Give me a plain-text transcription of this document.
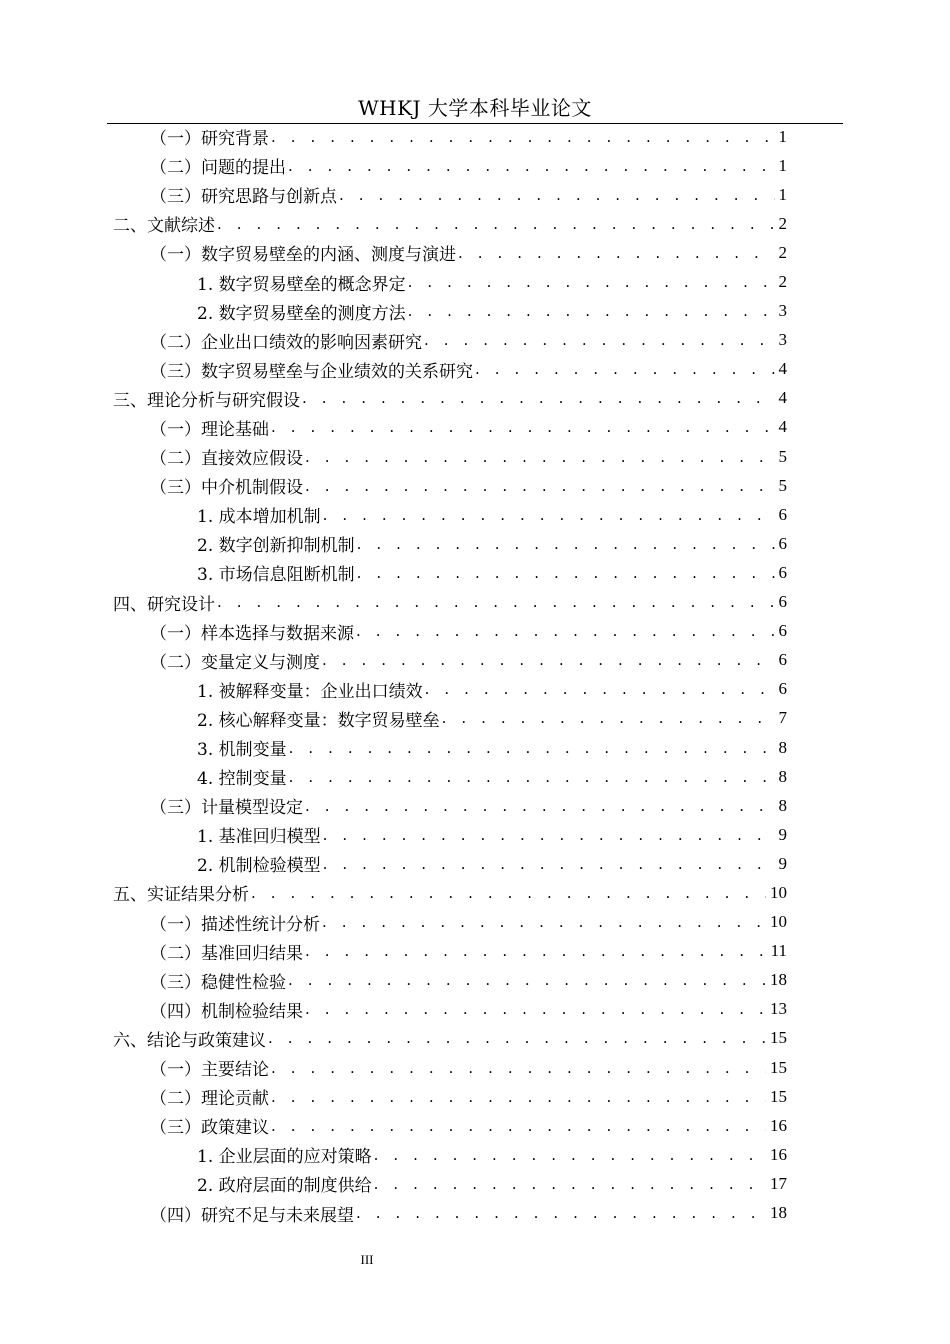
WHKJ 大学本科毕业论文
（一）研究背景 . . .	1
（二）问题的提出 . . .	1
（三）研究思路与创新点 . . .	1
二、文献综述 . . .	2
（一）数字贸易壁垒的内涵、测度与演进 . . .	2
1. 数字贸易壁垒的概念界定 . . .	2
2. 数字贸易壁垒的测度方法 . . .	3
（二）企业出口绩效的影响因素研究 . . .	3
（三）数字贸易壁垒与企业绩效的关系研究 . . .	4
三、理论分析与研究假设 . . .	4
（一）理论基础 . . .	4
（二）直接效应假设 . . .	5
（三）中介机制假设 . . .	5
1. 成本增加机制 . . .	6
2. 数字创新抑制机制 . . .	6
3. 市场信息阻断机制 . . .	6
四、研究设计 . . .	6
（一）样本选择与数据来源 . . .	6
（二）变量定义与测度 . . .	6
1. 被解释变量：企业出口绩效 . . .	6
2. 核心解释变量：数字贸易壁垒 . . .	7
3. 机制变量 . . .	8
4. 控制变量 . . .	8
（三）计量模型设定 . . .	8
1. 基准回归模型 . . .	9
2. 机制检验模型 . . .	9
五、实证结果分析 . . .	10
（一）描述性统计分析 . . .	10
（二）基准回归结果 . . .	11
（三）稳健性检验 . . .	18
（四）机制检验结果 . . .	13
六、结论与政策建议 . . .	15
（一）主要结论 . . .	15
（二）理论贡献 . . .	15
（三）政策建议 . . .	16
1. 企业层面的应对策略 . . .	16
2. 政府层面的制度供给 . . .	17
（四）研究不足与未来展望 . . .	18
III
